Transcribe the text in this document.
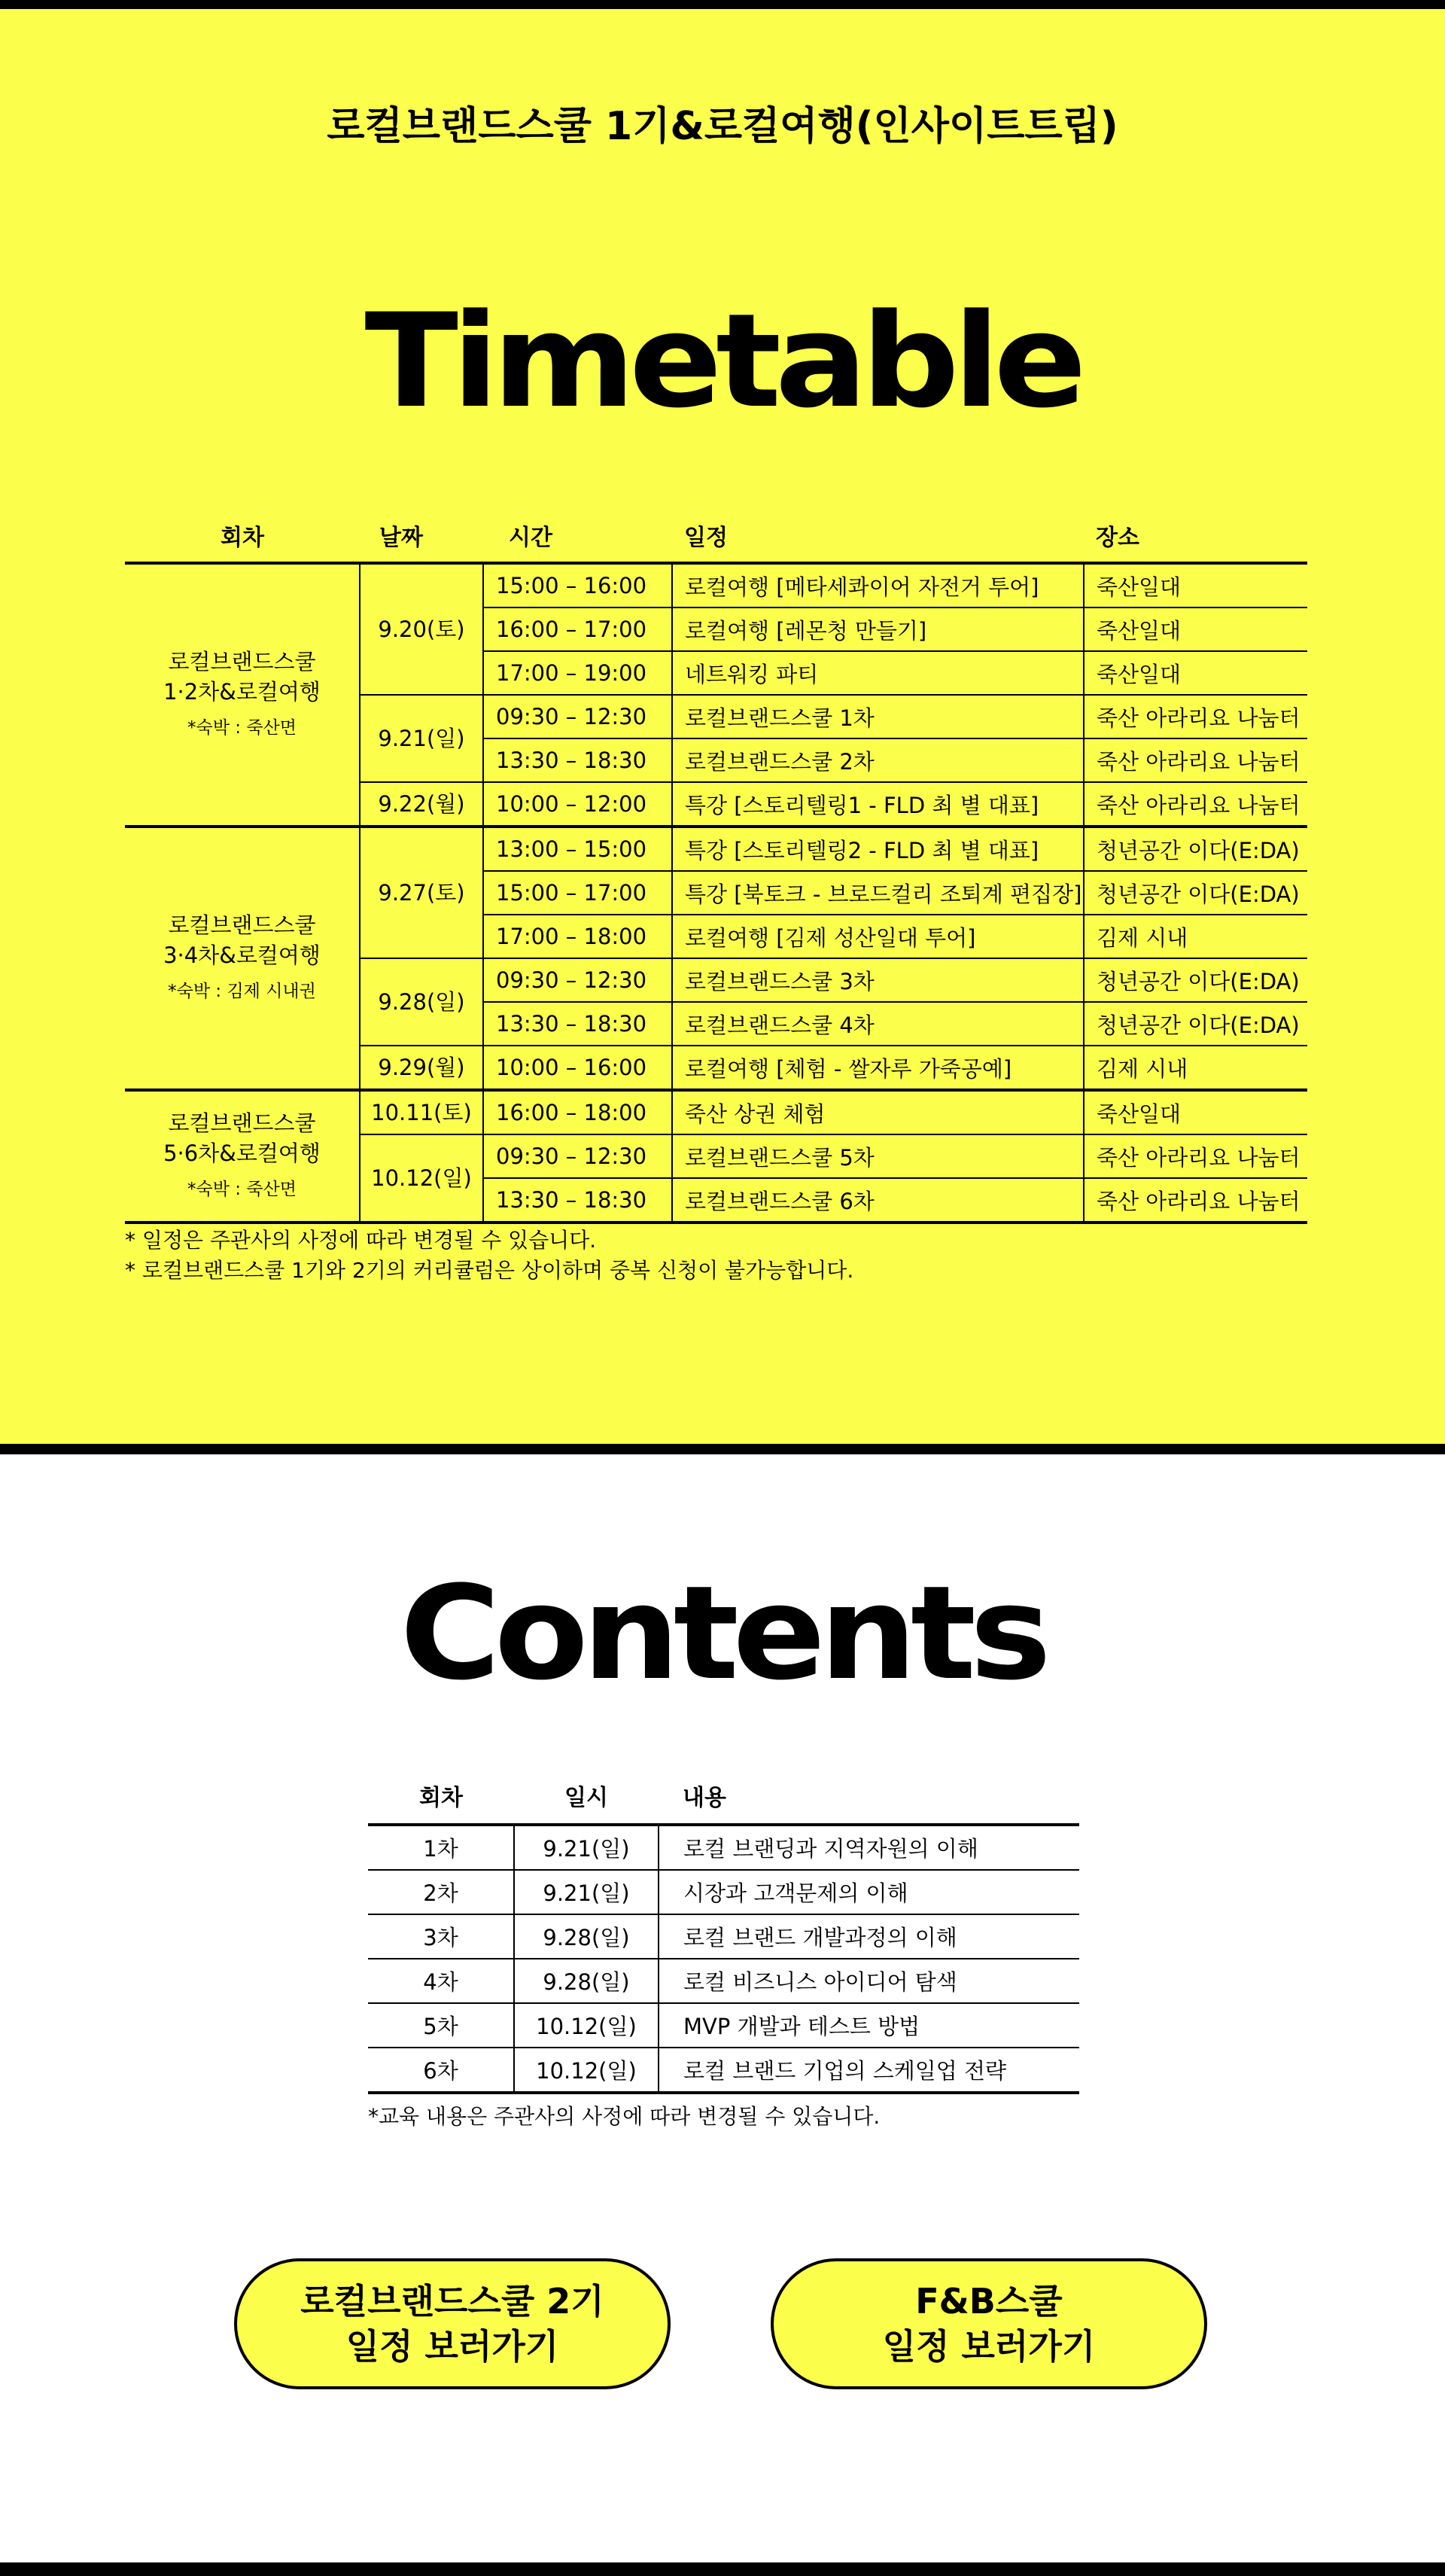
로컬브랜드스쿨 1기&로컬여행(인사이트트립)
Timetable
회차	날짜	시간	일정	장소
로컬브랜드스쿨
1·2차&로컬여행

*숙박 : 죽산면	9.20(토)	15:00 – 16:00	로컬여행 [메타세콰이어 자전거 투어]	죽산일대
		16:00 – 17:00	로컬여행 [레몬청 만들기]	죽산일대
		17:00 – 19:00	네트워킹 파티	죽산일대
	9.21(일)	09:30 – 12:30	로컬브랜드스쿨 1차	죽산 아라리요 나눔터
		13:30 – 18:30	로컬브랜드스쿨 2차	죽산 아라리요 나눔터
	9.22(월)	10:00 – 12:00	특강 [스토리텔링1 - FLD 최 별 대표]	죽산 아라리요 나눔터
로컬브랜드스쿨
3·4차&로컬여행

*숙박 : 김제 시내권	9.27(토)	13:00 – 15:00	특강 [스토리텔링2 - FLD 최 별 대표]	청년공간 이다(E:DA)
		15:00 – 17:00	특강 [북토크 - 브로드컬리 조퇴계 편집장]	청년공간 이다(E:DA)
		17:00 – 18:00	로컬여행 [김제 성산일대 투어]	김제 시내
	9.28(일)	09:30 – 12:30	로컬브랜드스쿨 3차	청년공간 이다(E:DA)
		13:30 – 18:30	로컬브랜드스쿨 4차	청년공간 이다(E:DA)
	9.29(월)	10:00 – 16:00	로컬여행 [체험 - 쌀자루 가죽공예]	김제 시내
로컬브랜드스쿨
5·6차&로컬여행

*숙박 : 죽산면	10.11(토)	16:00 – 18:00	죽산 상권 체험	죽산일대
	10.12(일)	09:30 – 12:30	로컬브랜드스쿨 5차	죽산 아라리요 나눔터
		13:30 – 18:30	로컬브랜드스쿨 6차	죽산 아라리요 나눔터
* 일정은 주관사의 사정에 따라 변경될 수 있습니다.
* 로컬브랜드스쿨 1기와 2기의 커리큘럼은 상이하며 중복 신청이 불가능합니다.
Contents
회차	일시	내용
1차	9.21(일)	로컬 브랜딩과 지역자원의 이해
2차	9.21(일)	시장과 고객문제의 이해
3차	9.28(일)	로컬 브랜드 개발과정의 이해
4차	9.28(일)	로컬 비즈니스 아이디어 탐색
5차	10.12(일)	MVP 개발과 테스트 방법
6차	10.12(일)	로컬 브랜드 기업의 스케일업 전략
*교육 내용은 주관사의 사정에 따라 변경될 수 있습니다.
로컬브랜드스쿨 2기
일정 보러가기
F&B스쿨
일정 보러가기
